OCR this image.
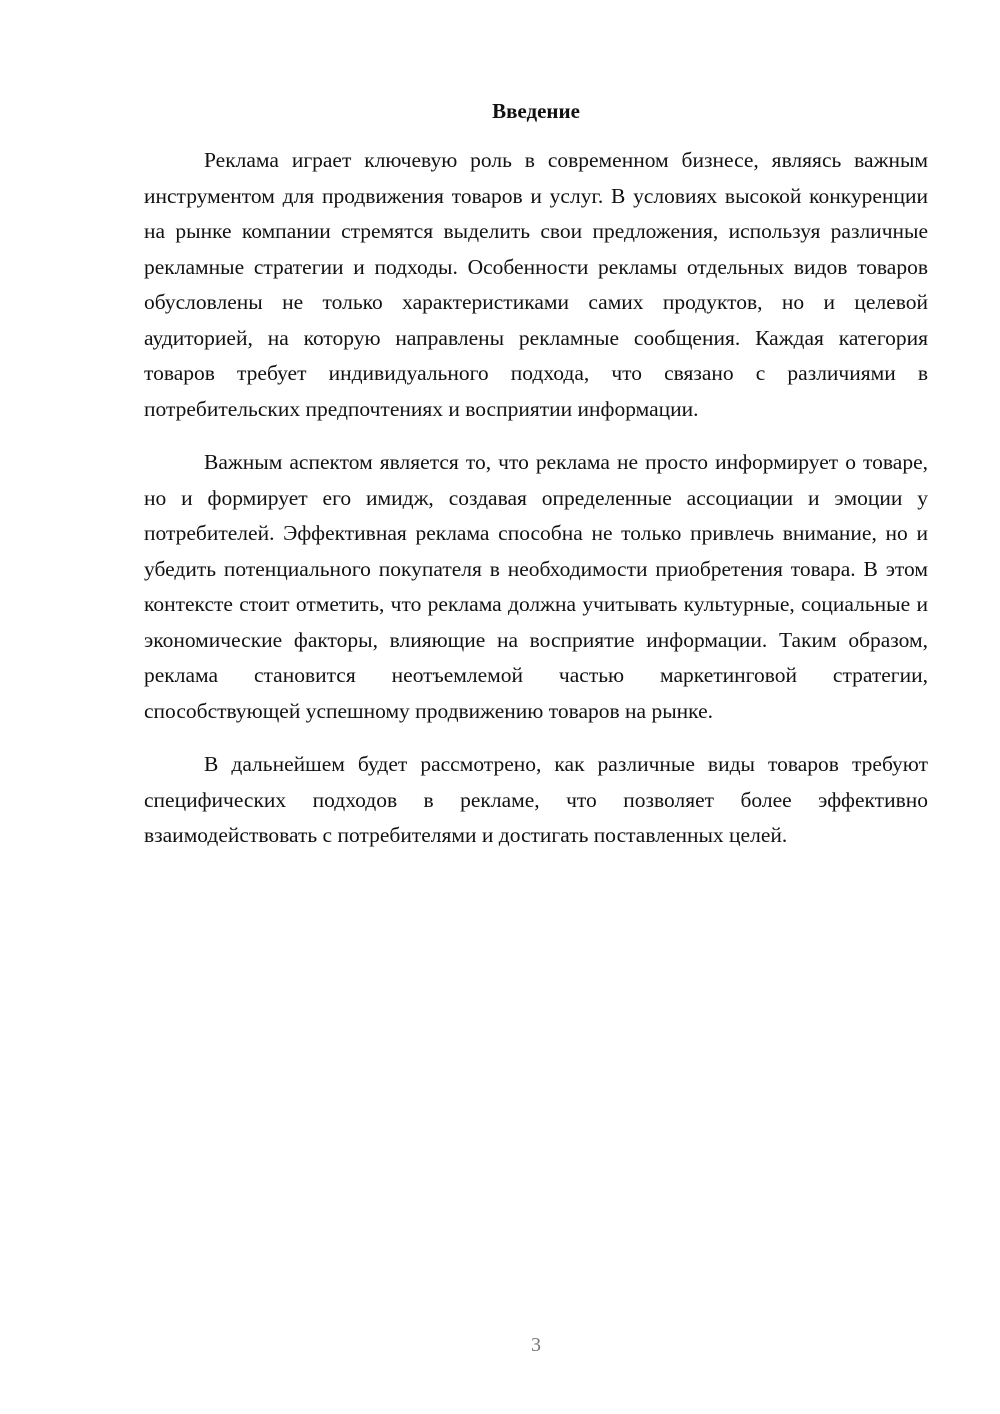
Введение

Реклама играет ключевую роль в современном бизнесе, являясь важным инструментом для продвижения товаров и услуг. В условиях высокой конкуренции на рынке компании стремятся выделить свои предложения, используя различные рекламные стратегии и подходы. Особенности рекламы отдельных видов товаров обусловлены не только характеристиками самих продуктов, но и целевой аудиторией, на которую направлены рекламные сообщения. Каждая категория товаров требует индивидуального подхода, что связано с различиями в потребительских предпочтениях и восприятии информации.

Важным аспектом является то, что реклама не просто информирует о товаре, но и формирует его имидж, создавая определенные ассоциации и эмоции у потребителей. Эффективная реклама способна не только привлечь внимание, но и убедить потенциального покупателя в необходимости приобретения товара. В этом контексте стоит отметить, что реклама должна учитывать культурные, социальные и экономические факторы, влияющие на восприятие информации. Таким образом, реклама становится неотъемлемой частью маркетинговой стратегии, способствующей успешному продвижению товаров на рынке.

В дальнейшем будет рассмотрено, как различные виды товаров требуют специфических подходов в рекламе, что позволяет более эффективно взаимодействовать с потребителями и достигать поставленных целей.

3
